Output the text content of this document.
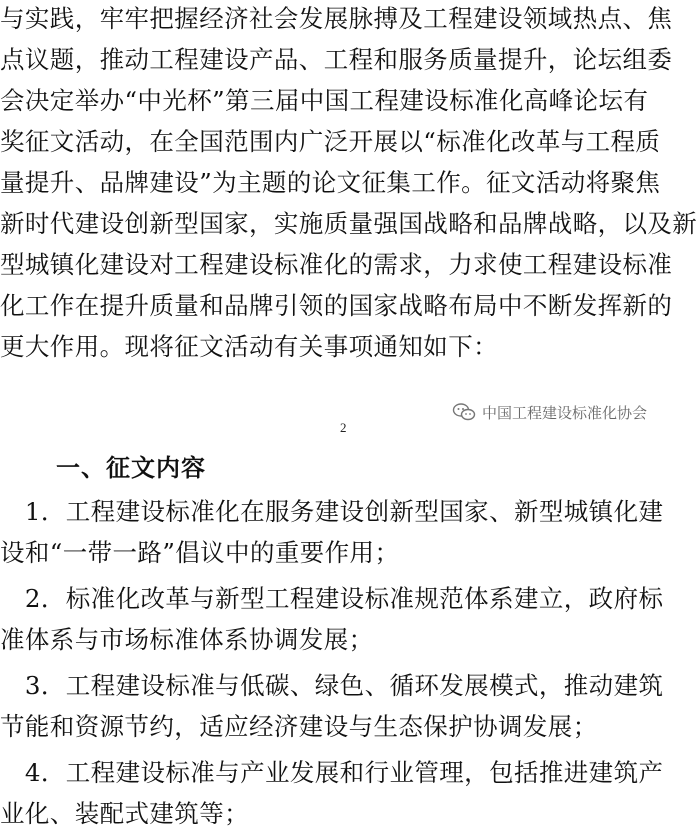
与实践，牢牢把握经济社会发展脉搏及工程建设领域热点、焦
点议题，推动工程建设产品、工程和服务质量提升，论坛组委
会决定举办“中光杯”第三届中国工程建设标准化高峰论坛有
奖征文活动，在全国范围内广泛开展以“标准化改革与工程质
量提升、品牌建设”为主题的论文征集工作。征文活动将聚焦
新时代建设创新型国家，实施质量强国战略和品牌战略，以及新
型城镇化建设对工程建设标准化的需求，力求使工程建设标准
化工作在提升质量和品牌引领的国家战略布局中不断发挥新的
更大作用。现将征文活动有关事项通知如下：
中国工程建设标准化协会
2
一、征文内容
　1．工程建设标准化在服务建设创新型国家、新型城镇化建
设和“一带一路”倡议中的重要作用；
　2．标准化改革与新型工程建设标准规范体系建立，政府标
准体系与市场标准体系协调发展；
　3．工程建设标准与低碳、绿色、循环发展模式，推动建筑
节能和资源节约，适应经济建设与生态保护协调发展；
　4．工程建设标准与产业发展和行业管理，包括推进建筑产
业化、装配式建筑等；
